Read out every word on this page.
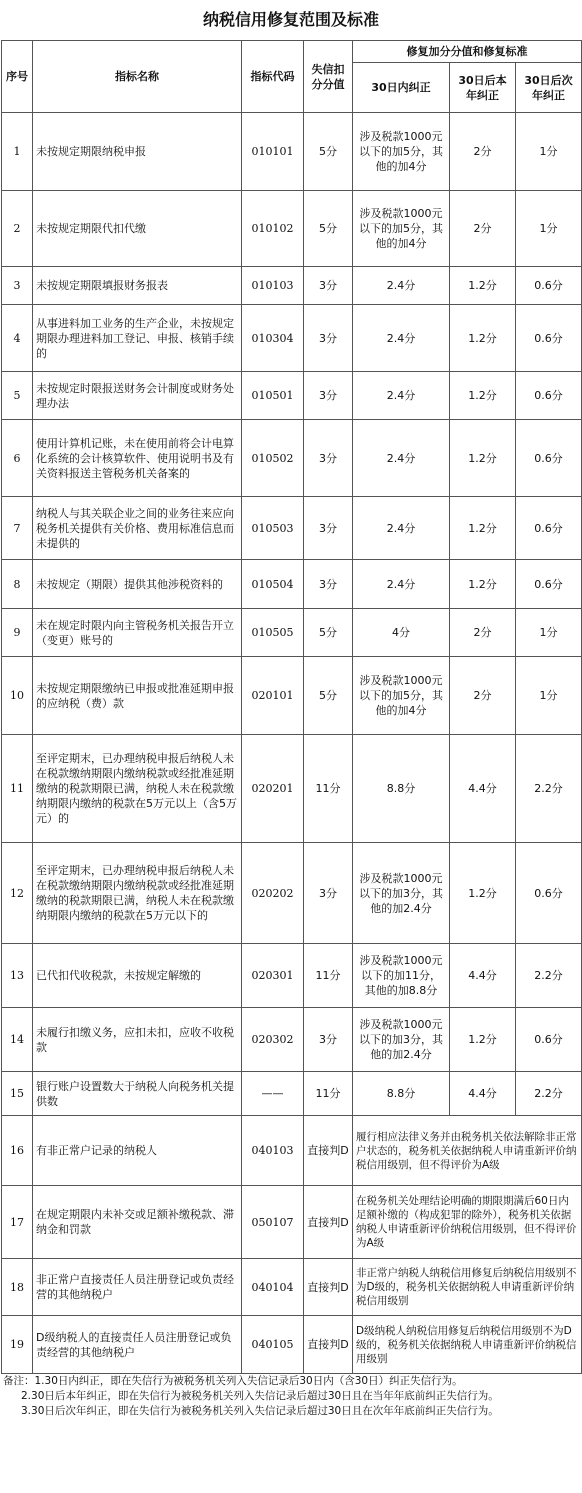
纳税信用修复范围及标准
序号	指标名称	指标代码	失信扣分分值	修复加分分值和修复标准		
				30日内纠正	30日后本年纠正	30日后次年纠正
1	未按规定期限纳税申报	010101	5分	涉及税款1000元以下的加5分，其他的加4分	2分	1分
2	未按规定期限代扣代缴	010102	5分	涉及税款1000元以下的加5分，其他的加4分	2分	1分
3	未按规定期限填报财务报表	010103	3分	2.4分	1.2分	0.6分
4	从事进料加工业务的生产企业，未按规定期限办理进料加工登记、申报、核销手续的	010304	3分	2.4分	1.2分	0.6分
5	未按规定时限报送财务会计制度或财务处理办法	010501	3分	2.4分	1.2分	0.6分
6	使用计算机记账，未在使用前将会计电算化系统的会计核算软件、使用说明书及有关资料报送主管税务机关备案的	010502	3分	2.4分	1.2分	0.6分
7	纳税人与其关联企业之间的业务往来应向税务机关提供有关价格、费用标准信息而未提供的	010503	3分	2.4分	1.2分	0.6分
8	未按规定（期限）提供其他涉税资料的	010504	3分	2.4分	1.2分	0.6分
9	未在规定时限内向主管税务机关报告开立（变更）账号的	010505	5分	4分	2分	1分
10	未按规定期限缴纳已申报或批准延期申报的应纳税（费）款	020101	5分	涉及税款1000元以下的加5分，其他的加4分	2分	1分
11	至评定期末，已办理纳税申报后纳税人未在税款缴纳期限内缴纳税款或经批准延期缴纳的税款期限已满，纳税人未在税款缴纳期限内缴纳的税款在5万元以上（含5万元）的	020201	11分	8.8分	4.4分	2.2分
12	至评定期末，已办理纳税申报后纳税人未在税款缴纳期限内缴纳税款或经批准延期缴纳的税款期限已满，纳税人未在税款缴纳期限内缴纳的税款在5万元以下的	020202	3分	涉及税款1000元以下的加3分，其他的加2.4分	1.2分	0.6分
13	已代扣代收税款，未按规定解缴的	020301	11分	涉及税款1000元以下的加11分，其他的加8.8分	4.4分	2.2分
14	未履行扣缴义务，应扣未扣，应收不收税款	020302	3分	涉及税款1000元以下的加3分，其他的加2.4分	1.2分	0.6分
15	银行账户设置数大于纳税人向税务机关提供数	——	11分	8.8分	4.4分	2.2分
16	有非正常户记录的纳税人	040103	直接判D	履行相应法律义务并由税务机关依法解除非正常户状态的，税务机关依据纳税人申请重新评价纳税信用级别，但不得评价为A级		
17	在规定期限内未补交或足额补缴税款、滞纳金和罚款	050107	直接判D	在税务机关处理结论明确的期限期满后60日内足额补缴的（构成犯罪的除外），税务机关依据纳税人申请重新评价纳税信用级别，但不得评价为A级		
18	非正常户直接责任人员注册登记或负责经营的其他纳税户	040104	直接判D	非正常户纳税人纳税信用修复后纳税信用级别不为D级的，税务机关依据纳税人申请重新评价纳税信用级别		
19	D级纳税人的直接责任人员注册登记或负责经营的其他纳税户	040105	直接判D	D级纳税人纳税信用修复后纳税信用级别不为D级的，税务机关依据纳税人申请重新评价纳税信用级别		

备注：1.30日内纠正，即在失信行为被税务机关列入失信记录后30日内（含30日）纠正失信行为。

2.30日后本年纠正，即在失信行为被税务机关列入失信记录后超过30日且在当年年底前纠正失信行为。

3.30日后次年纠正，即在失信行为被税务机关列入失信记录后超过30日且在次年年底前纠正失信行为。
